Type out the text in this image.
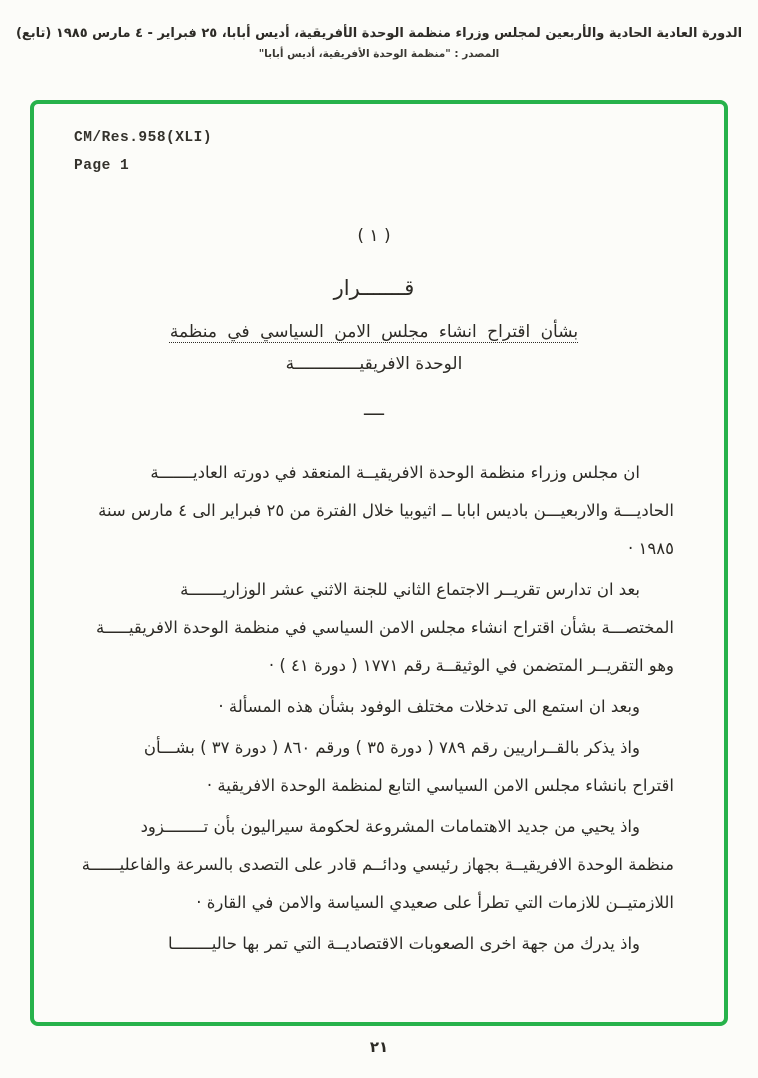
الدورة العادية الحادية والأربعين لمجلس وزراء منظمة الوحدة الأفريقية، أديس أبابا، ٢٥ فبراير - ٤ مارس ١٩٨٥ (تابع)
المصدر : "منظمة الوحدة الأفريقية، أديس أبابا"
CM/Res.958(XLI)
Page 1
( ١ )
قـــــــرار
بشأن اقتراح انشاء مجلس الامن السياسي في منظمة
الوحدة الافريقيـــــــــــــة
ــــ
ان مجلس وزراء منظمة الوحدة الافريقيــة المنعقد في دورته العاديـــــــة
الحاديـــة والاربعيـــن باديس ابابا ــ اثيوبيا خلال الفترة من ٢٥ فبراير الى ٤ مارس سنة
١٩٨٥ ·
بعد ان تدارس تقريــر الاجتماع الثاني للجنة الاثني عشر الوزاريـــــــة
المختصـــة بشأن اقتراح انشاء مجلس الامن السياسي في منظمة الوحدة الافريقيـــــة
وهو التقريــر المتضمن في الوثيقــة رقم ١٧٧١ ( دورة ٤١ ) ·
وبعد ان استمع الى تدخلات مختلف الوفود بشأن هذه المسألة ·
واذ يذكر بالقــراريين رقم ٧٨٩ ( دورة ٣٥ ) ورقم ٨٦٠ ( دورة ٣٧ ) بشـــأن
اقتراح بانشاء مجلس الامن السياسي التابع لمنظمة الوحدة الافريقية ·
واذ يحيي من جديد الاهتمامات المشروعة لحكومة سيراليون بأن تــــــــزود
منظمة الوحدة الافريقيــة بجهاز رئيسي ودائــم قادر على التصدى بالسرعة والفاعليــــــة
اللازمتيــن للازمات التي تطرأ على صعيدي السياسة والامن في القارة ·
واذ يدرك من جهة اخرى الصعوبات الاقتصاديــة التي تمر بها حاليــــــــا
٢١
